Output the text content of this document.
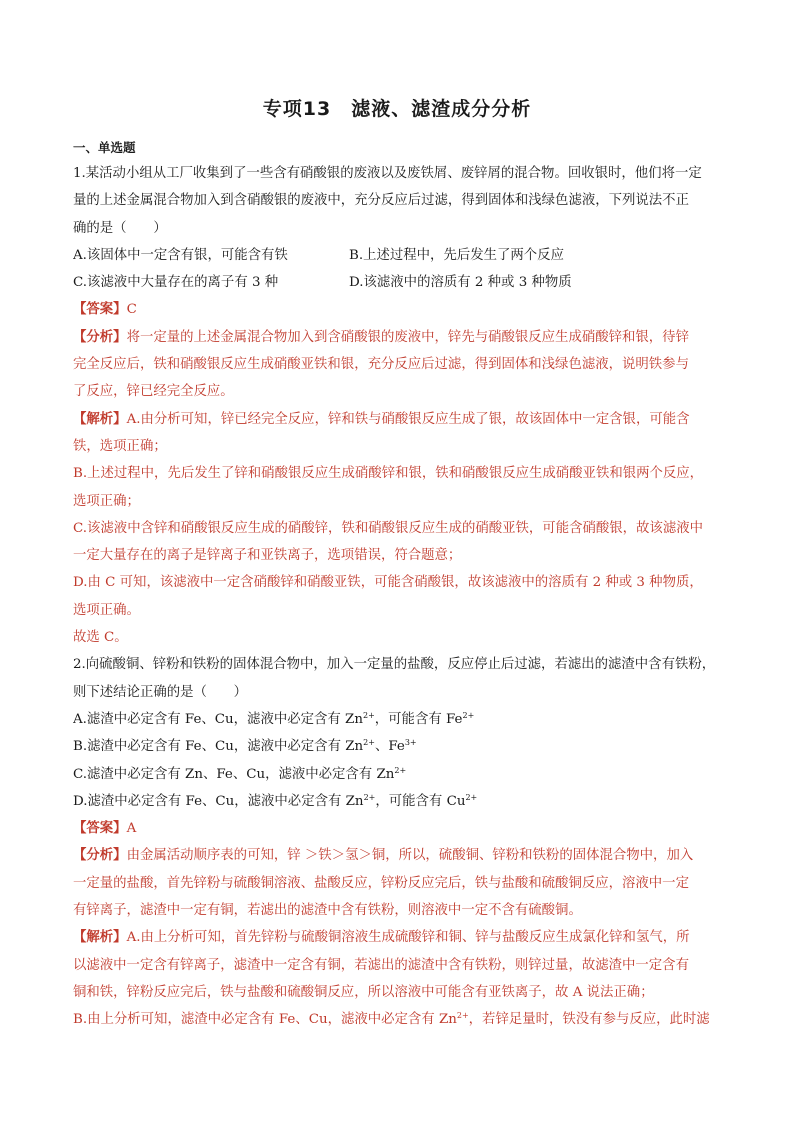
专项13　滤液、滤渣成分分析
一、单选题
1.某活动小组从工厂收集到了一些含有硝酸银的废液以及废铁屑、废锌屑的混合物。回收银时，他们将一定
量的上述金属混合物加入到含硝酸银的废液中，充分反应后过滤，得到固体和浅绿色滤液，下列说法不正
确的是（　　）
A.该固体中一定含有银，可能含有铁	B.上述过程中，先后发生了两个反应
C.该滤液中大量存在的离子有 3 种	D.该滤液中的溶质有 2 种或 3 种物质
【答案】C
【分析】将一定量的上述金属混合物加入到含硝酸银的废液中，锌先与硝酸银反应生成硝酸锌和银，待锌
完全反应后，铁和硝酸银反应生成硝酸亚铁和银，充分反应后过滤，得到固体和浅绿色滤液，说明铁参与
了反应，锌已经完全反应。
【解析】A.由分析可知，锌已经完全反应，锌和铁与硝酸银反应生成了银，故该固体中一定含银，可能含
铁，选项正确；
B.上述过程中，先后发生了锌和硝酸银反应生成硝酸锌和银，铁和硝酸银反应生成硝酸亚铁和银两个反应，
选项正确；
C.该滤液中含锌和硝酸银反应生成的硝酸锌，铁和硝酸银反应生成的硝酸亚铁，可能含硝酸银，故该滤液中
一定大量存在的离子是锌离子和亚铁离子，选项错误，符合题意；
D.由 C 可知，该滤液中一定含硝酸锌和硝酸亚铁，可能含硝酸银，故该滤液中的溶质有 2 种或 3 种物质，
选项正确。
故选 C。
2.向硫酸铜、锌粉和铁粉的固体混合物中，加入一定量的盐酸，反应停止后过滤，若滤出的滤渣中含有铁粉，
则下述结论正确的是（　　）
A.滤渣中必定含有 Fe、Cu，滤液中必定含有 $Zn^{2+}$，可能含有 $Fe^{2+}$
B.滤渣中必定含有 Fe、Cu，滤液中必定含有 $Zn^{2+}$、$Fe^{3+}$
C.滤渣中必定含有 Zn、Fe、Cu，滤液中必定含有 $Zn^{2+}$
D.滤渣中必定含有 Fe、Cu，滤液中必定含有 $Zn^{2+}$，可能含有 $Cu^{2+}$
【答案】A
【分析】由金属活动顺序表的可知，锌 ＞铁＞氢＞铜，所以，硫酸铜、锌粉和铁粉的固体混合物中，加入
一定量的盐酸，首先锌粉与硫酸铜溶液、盐酸反应，锌粉反应完后，铁与盐酸和硫酸铜反应，溶液中一定
有锌离子，滤渣中一定有铜，若滤出的滤渣中含有铁粉，则溶液中一定不含有硫酸铜。
【解析】A.由上分析可知，首先锌粉与硫酸铜溶液生成硫酸锌和铜、锌与盐酸反应生成氯化锌和氢气，所
以滤液中一定含有锌离子，滤渣中一定含有铜，若滤出的滤渣中含有铁粉，则锌过量，故滤渣中一定含有
铜和铁，锌粉反应完后，铁与盐酸和硫酸铜反应，所以溶液中可能含有亚铁离子，故 A 说法正确；
B.由上分析可知，滤渣中必定含有 Fe、Cu，滤液中必定含有 $Zn^{2+}$，若锌足量时，铁没有参与反应，此时滤
